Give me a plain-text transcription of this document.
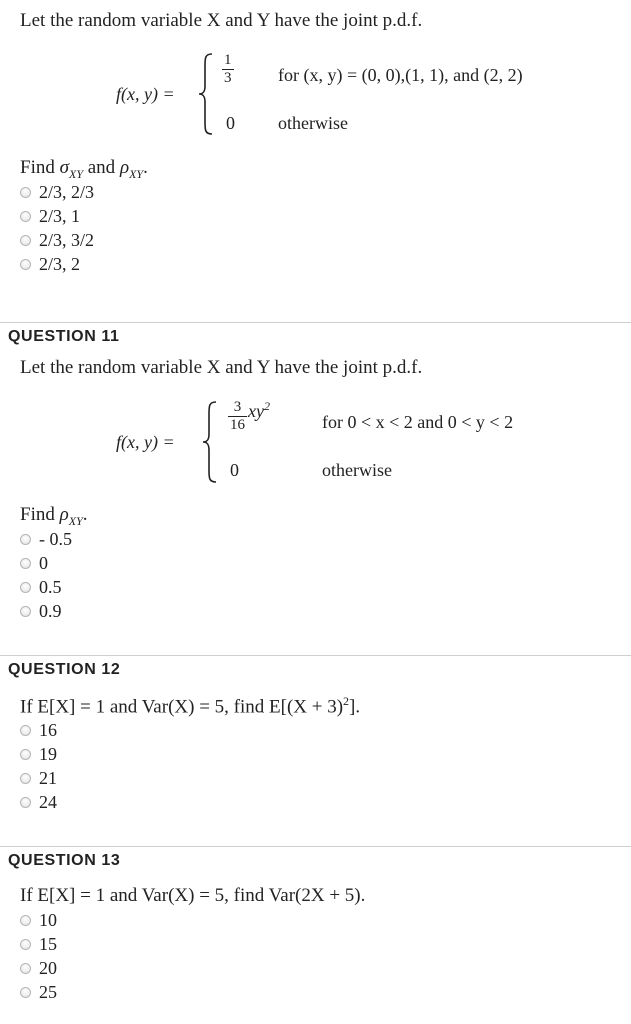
Let the random variable X and Y have the joint p.d.f.
f(x, y) =
$\frac{1}{3}$ for (x, y) = (0, 0),(1, 1), and (2, 2)
0 otherwise
Find $\sigma_{XY}$ and $\rho_{XY}$.
2/3, 2/3
2/3, 1
2/3, 3/2
2/3, 2
QUESTION 11
Let the random variable X and Y have the joint p.d.f.
f(x, y) =
$\frac{3}{16} xy^2$
for 0 < x < 2 and 0 < y < 2
0	otherwise
Find $\rho_{XY}$.
- 0.5
0
0.5
0.9
QUESTION 12
If E[X] = 1 and Var(X) = 5, find $E[(X + 3)^2]$.
16
19
21
24
QUESTION 13
If E[X] = 1 and Var(X) = 5, find Var(2X + 5).
10
15
20
25
